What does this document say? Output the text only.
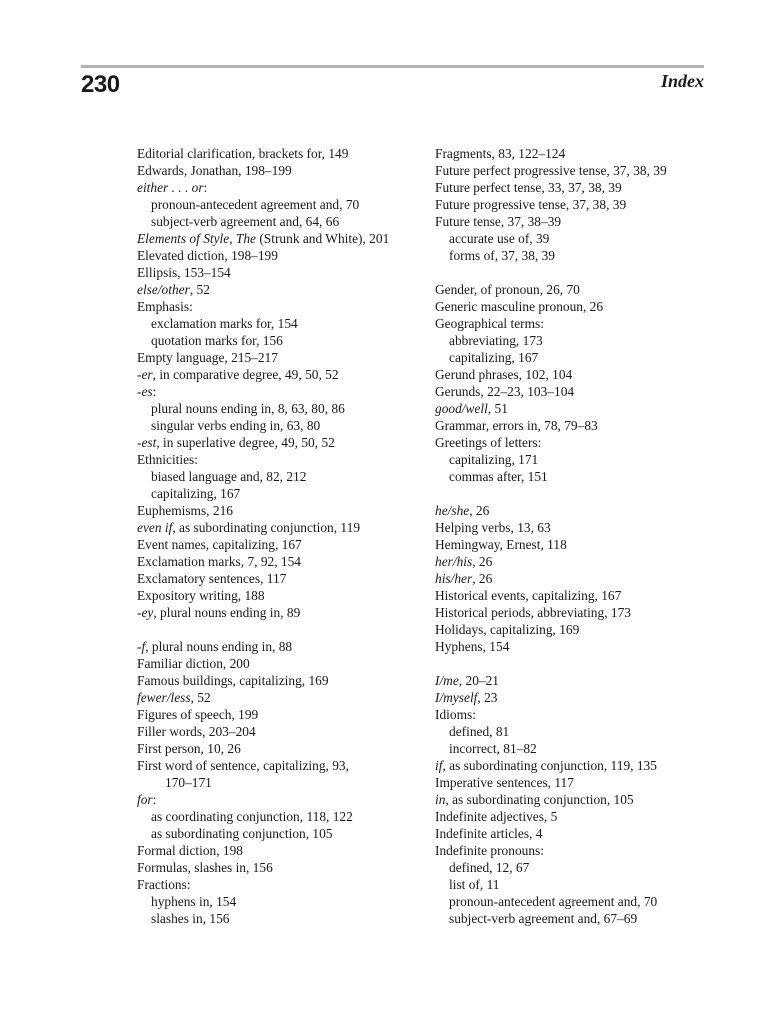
230	Index
Editorial clarification, brackets for, 149
Edwards, Jonathan, 198–199
either . . . or:
pronoun-antecedent agreement and, 70
subject-verb agreement and, 64, 66
Elements of Style, The (Strunk and White), 201
Elevated diction, 198–199
Ellipsis, 153–154
else/other, 52
Emphasis:
exclamation marks for, 154
quotation marks for, 156
Empty language, 215–217
-er, in comparative degree, 49, 50, 52
-es:
plural nouns ending in, 8, 63, 80, 86
singular verbs ending in, 63, 80
-est, in superlative degree, 49, 50, 52
Ethnicities:
biased language and, 82, 212
capitalizing, 167
Euphemisms, 216
even if, as subordinating conjunction, 119
Event names, capitalizing, 167
Exclamation marks, 7, 92, 154
Exclamatory sentences, 117
Expository writing, 188
-ey, plural nouns ending in, 89
-f, plural nouns ending in, 88
Familiar diction, 200
Famous buildings, capitalizing, 169
fewer/less, 52
Figures of speech, 199
Filler words, 203–204
First person, 10, 26
First word of sentence, capitalizing, 93,
170–171
for:
as coordinating conjunction, 118, 122
as subordinating conjunction, 105
Formal diction, 198
Formulas, slashes in, 156
Fractions:
hyphens in, 154
slashes in, 156
Fragments, 83, 122–124
Future perfect progressive tense, 37, 38, 39
Future perfect tense, 33, 37, 38, 39
Future progressive tense, 37, 38, 39
Future tense, 37, 38–39
accurate use of, 39
forms of, 37, 38, 39
Gender, of pronoun, 26, 70
Generic masculine pronoun, 26
Geographical terms:
abbreviating, 173
capitalizing, 167
Gerund phrases, 102, 104
Gerunds, 22–23, 103–104
good/well, 51
Grammar, errors in, 78, 79–83
Greetings of letters:
capitalizing, 171
commas after, 151
he/she, 26
Helping verbs, 13, 63
Hemingway, Ernest, 118
her/his, 26
his/her, 26
Historical events, capitalizing, 167
Historical periods, abbreviating, 173
Holidays, capitalizing, 169
Hyphens, 154
I/me, 20–21
I/myself, 23
Idioms:
defined, 81
incorrect, 81–82
if, as subordinating conjunction, 119, 135
Imperative sentences, 117
in, as subordinating conjunction, 105
Indefinite adjectives, 5
Indefinite articles, 4
Indefinite pronouns:
defined, 12, 67
list of, 11
pronoun-antecedent agreement and, 70
subject-verb agreement and, 67–69
